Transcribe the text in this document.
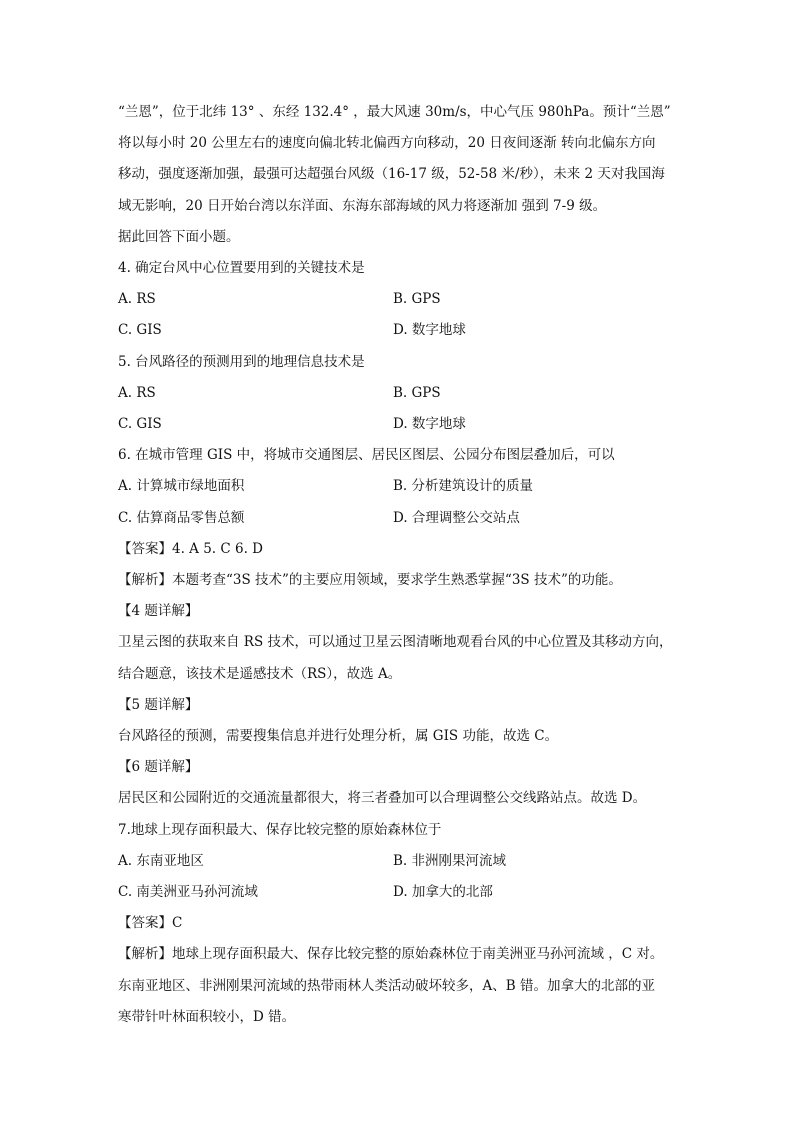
“兰恩”，位于北纬 13° 、东经 132.4° ，最大风速 30m/s，中心气压 980hPa。预计“兰恩”
将以每小时 20 公里左右的速度向偏北转北偏西方向移动，20 日夜间逐渐 转向北偏东方向
移动，强度逐渐加强，最强可达超强台风级（16-17 级，52-58 米/秒），未来 2 天对我国海
域无影响，20 日开始台湾以东洋面、东海东部海域的风力将逐渐加 强到 7-9 级。
据此回答下面小题。
4. 确定台风中心位置要用到的关键技术是
A. RS	B. GPS
C. GIS	D. 数字地球
5. 台风路径的预测用到的地理信息技术是
A. RS	B. GPS
C. GIS	D. 数字地球
6. 在城市管理 GIS 中，将城市交通图层、居民区图层、公园分布图层叠加后，可以
A. 计算城市绿地面积	B. 分析建筑设计的质量
C. 估算商品零售总额	D. 合理调整公交站点
【答案】4. A 5. C 6. D
【解析】本题考查“3S 技术”的主要应用领域，要求学生熟悉掌握“3S 技术”的功能。
【4 题详解】
卫星云图的获取来自 RS 技术，可以通过卫星云图清晰地观看台风的中心位置及其移动方向，
结合题意，该技术是遥感技术（RS），故选 A。
【5 题详解】
台风路径的预测，需要搜集信息并进行处理分析，属 GIS 功能，故选 C。
【6 题详解】
居民区和公园附近的交通流量都很大，将三者叠加可以合理调整公交线路站点。故选 D。
7.地球上现存面积最大、保存比较完整的原始森林位于
A. 东南亚地区	B. 非洲刚果河流域
C. 南美洲亚马孙河流域	D. 加拿大的北部
【答案】C
【解析】地球上现存面积最大、保存比较完整的原始森林位于南美洲亚马孙河流域 ，C 对。
东南亚地区、非洲刚果河流域的热带雨林人类活动破坏较多，A、B 错。加拿大的北部的亚
寒带针叶林面积较小，D 错。
